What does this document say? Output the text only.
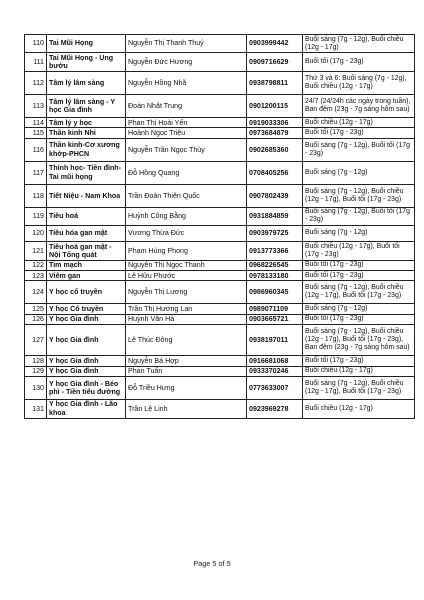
110	Tai Mũi Họng	Nguyễn Thị Thanh Thuý	0903999442	Buổi sáng (7g - 12g), Buổi chiều (12g - 17g)
111	Tai Mũi Họng - Ung bướu	Nguyễn Đức Hương	0909716629	Buổi tối (17g - 23g)
112	Tâm lý lâm sàng	Nguyễn Hồng Nhã	0938798811	Thứ 3 và 6: Buổi sáng (7g - 12g), Buổi chiều (12g - 17g)
113	Tâm lý lâm sàng - Y học Gia đình	Đoàn Nhật Trung	0901200115	24/7 (24/24h các ngày trong tuần), Ban đêm (23g - 7g sáng hôm sau)
114	Tâm lý y học	Phan Thị Hoài Yến	0919033306	Buổi chiều (12g - 17g)
115	Thần kinh Nhi	Hoành Ngọc Triệu	0973684879	Buổi tối (17g - 23g)
116	Thần kinh-Cơ xương khớp-PHCN	Nguyễn Trần Ngọc Thủy	0902685360	Buổi sáng (7g - 12g), Buổi tối (17g - 23g)
117	Thính học- Tiền đình- Tai mũi họng	Đỗ Hồng Quang	0708405256	Buổi sáng (7g - 12g)
118	Tiết Niệu - Nam Khoa	Trần Đoàn Thiên Quốc	0907802439	Buổi sáng (7g - 12g), Buổi chiều (12g - 17g), Buổi tối (17g - 23g)
119	Tiêu hoá	Huỳnh Công Bằng	0931884859	Buổi sáng (7g - 12g), Buổi tối (17g - 23g)
120	Tiêu hóa gan mật	Vương Thừa Đức	0903979725	Buổi sáng (7g - 12g)
121	Tiêu hoá gan mật - Nội Tổng quát	Phạm Hùng Phong	0913773366	Buổi chiều (12g - 17g), Buổi tối (17g - 23g)
122	Tim mạch	Nguyễn Thị Ngọc Thanh	0968226545	Buổi tối (17g - 23g)
123	Viêm gan	Lê Hữu Phước	0978133180	Buổi tối (17g - 23g)
124	Y học cổ truyền	Nguyễn Thị Lương	0986960345	Buổi sáng (7g - 12g), Buổi chiều (12g - 17g), Buổi tối (17g - 23g)
125	Y học Cổ truyền	Trần Thị Hương Lan	0989071109	Buổi sáng (7g - 12g)
126	Y học Gia đình	Huỳnh Văn Hà	0903665721	Buổi tối (17g - 23g)
127	Y học Gia đình	Lê Thúc Đông	0938197011	Buổi sáng (7g - 12g), Buổi chiều (12g - 17g), Buổi tối (17g - 23g), Ban đêm (23g - 7g sáng hôm sau)
128	Y học Gia đình	Nguyễn Bá Hợp	0916681068	Buổi tối (17g - 23g)
129	Y học Gia đình	Phan Tuấn	0933370246	Buổi chiều (12g - 17g)
130	Y học Gia đình - Béo phì - Tiền tiểu đường	Đỗ Triều Hưng	0773633007	Buổi sáng (7g - 12g), Buổi chiều (12g - 17g), Buổi tối (17g - 23g)
131	Y học Gia đình - Lão khoa	Trần Lệ Linh	0923969278	Buổi chiều (12g - 17g)
Page 5 of 5
